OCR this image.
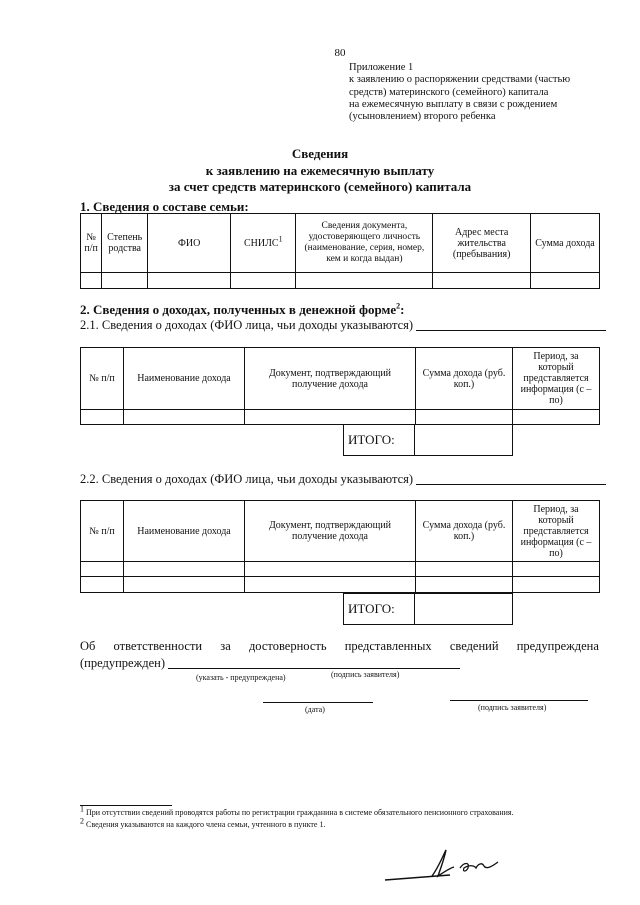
80
Приложение 1
к заявлению о распоряжении средствами (частью
средств) материнского (семейного) капитала
на ежемесячную выплату в связи с рождением
(усыновлением) второго ребенка
Сведения
к заявлению на ежемесячную выплату
за счет средств материнского (семейного) капитала
1. Сведения о составе семьи:
№ п/п	Степень родства	ФИО	СНИЛС$^1$	Сведения документа, удостоверяющего личность (наименование, серия, номер, кем и когда выдан)	Адрес места жительства (пребывания)	Сумма дохода

2. Сведения о доходах, полученных в денежной форме$^2$:
2.1. Сведения о доходах (ФИО лица, чьи доходы указываются)
№ п/п	Наименование дохода	Документ, подтверждающий получение дохода	Сумма дохода (руб. коп.)	Период, за который представляется информация (с – по)

ИТОГО:
2.2. Сведения о доходах (ФИО лица, чьи доходы указываются)
№ п/п	Наименование дохода	Документ, подтверждающий получение дохода	Сумма дохода (руб. коп.)	Период, за который представляется информация (с – по)

ИТОГО:
Об ответственности за достоверность представленных сведений предупреждена
(предупрежден)
(указать - предупреждена)	(подпись заявителя)
(дата)	(подпись заявителя)
1 При отсутствии сведений проводятся работы по регистрации гражданина в системе обязательного пенсионного страхования.
2 Сведения указываются на каждого члена семьи, учтенного в пункте 1.
